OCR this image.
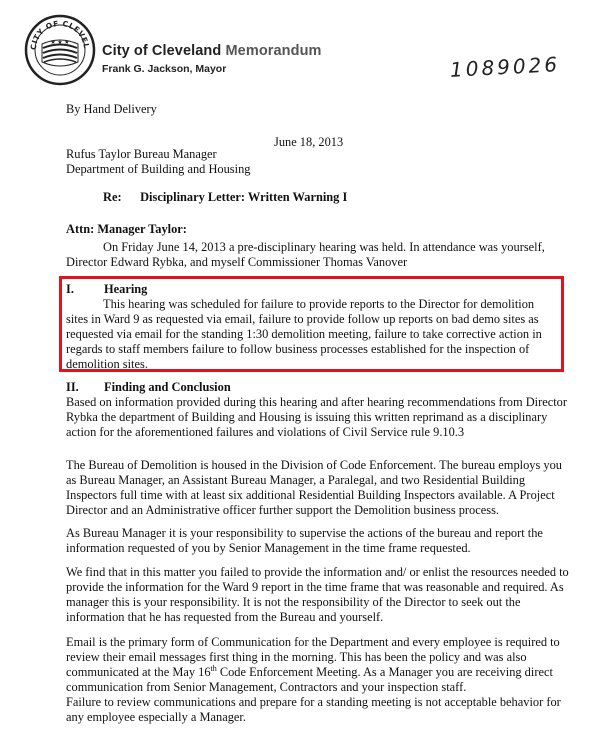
CITY OF CLEVEL
★ ★ ★ City of Cleveland Memorandum
Frank G. Jackson, Mayor	1089026
By Hand Delivery
June 18, 2013
Rufus Taylor Bureau Manager
Department of Building and Housing
Re: Disciplinary Letter: Written Warning I
Attn: Manager Taylor:
On Friday June 14, 2013 a pre-disciplinary hearing was held. In attendance was yourself, Director Edward Rybka, and myself Commissioner Thomas Vanover
I. Hearing
This hearing was scheduled for failure to provide reports to the Director for demolition sites in Ward 9 as requested via email, failure to provide follow up reports on bad demo sites as requested via email for the standing 1:30 demolition meeting, failure to take corrective action in regards to staff members failure to follow business processes established for the inspection of demolition sites.
II. Finding and Conclusion
Based on information provided during this hearing and after hearing recommendations from Director Rybka the department of Building and Housing is issuing this written reprimand as a disciplinary action for the aforementioned failures and violations of Civil Service rule 9.10.3
The Bureau of Demolition is housed in the Division of Code Enforcement. The bureau employs you as Bureau Manager, an Assistant Bureau Manager, a Paralegal, and two Residential Building Inspectors full time with at least six additional Residential Building Inspectors available. A Project Director and an Administrative officer further support the Demolition business process.
As Bureau Manager it is your responsibility to supervise the actions of the bureau and report the information requested of you by Senior Management in the time frame requested.
We find that in this matter you failed to provide the information and/ or enlist the resources needed to provide the information for the Ward 9 report in the time frame that was reasonable and required. As manager this is your responsibility. It is not the responsibility of the Director to seek out the information that he has requested from the Bureau and yourself.
Email is the primary form of Communication for the Department and every employee is required to review their email messages first thing in the morning. This has been the policy and was also communicated at the May 16th Code Enforcement Meeting. As a Manager you are receiving direct communication from Senior Management, Contractors and your inspection staff.
Failure to review communications and prepare for a standing meeting is not acceptable behavior for any employee especially a Manager.
